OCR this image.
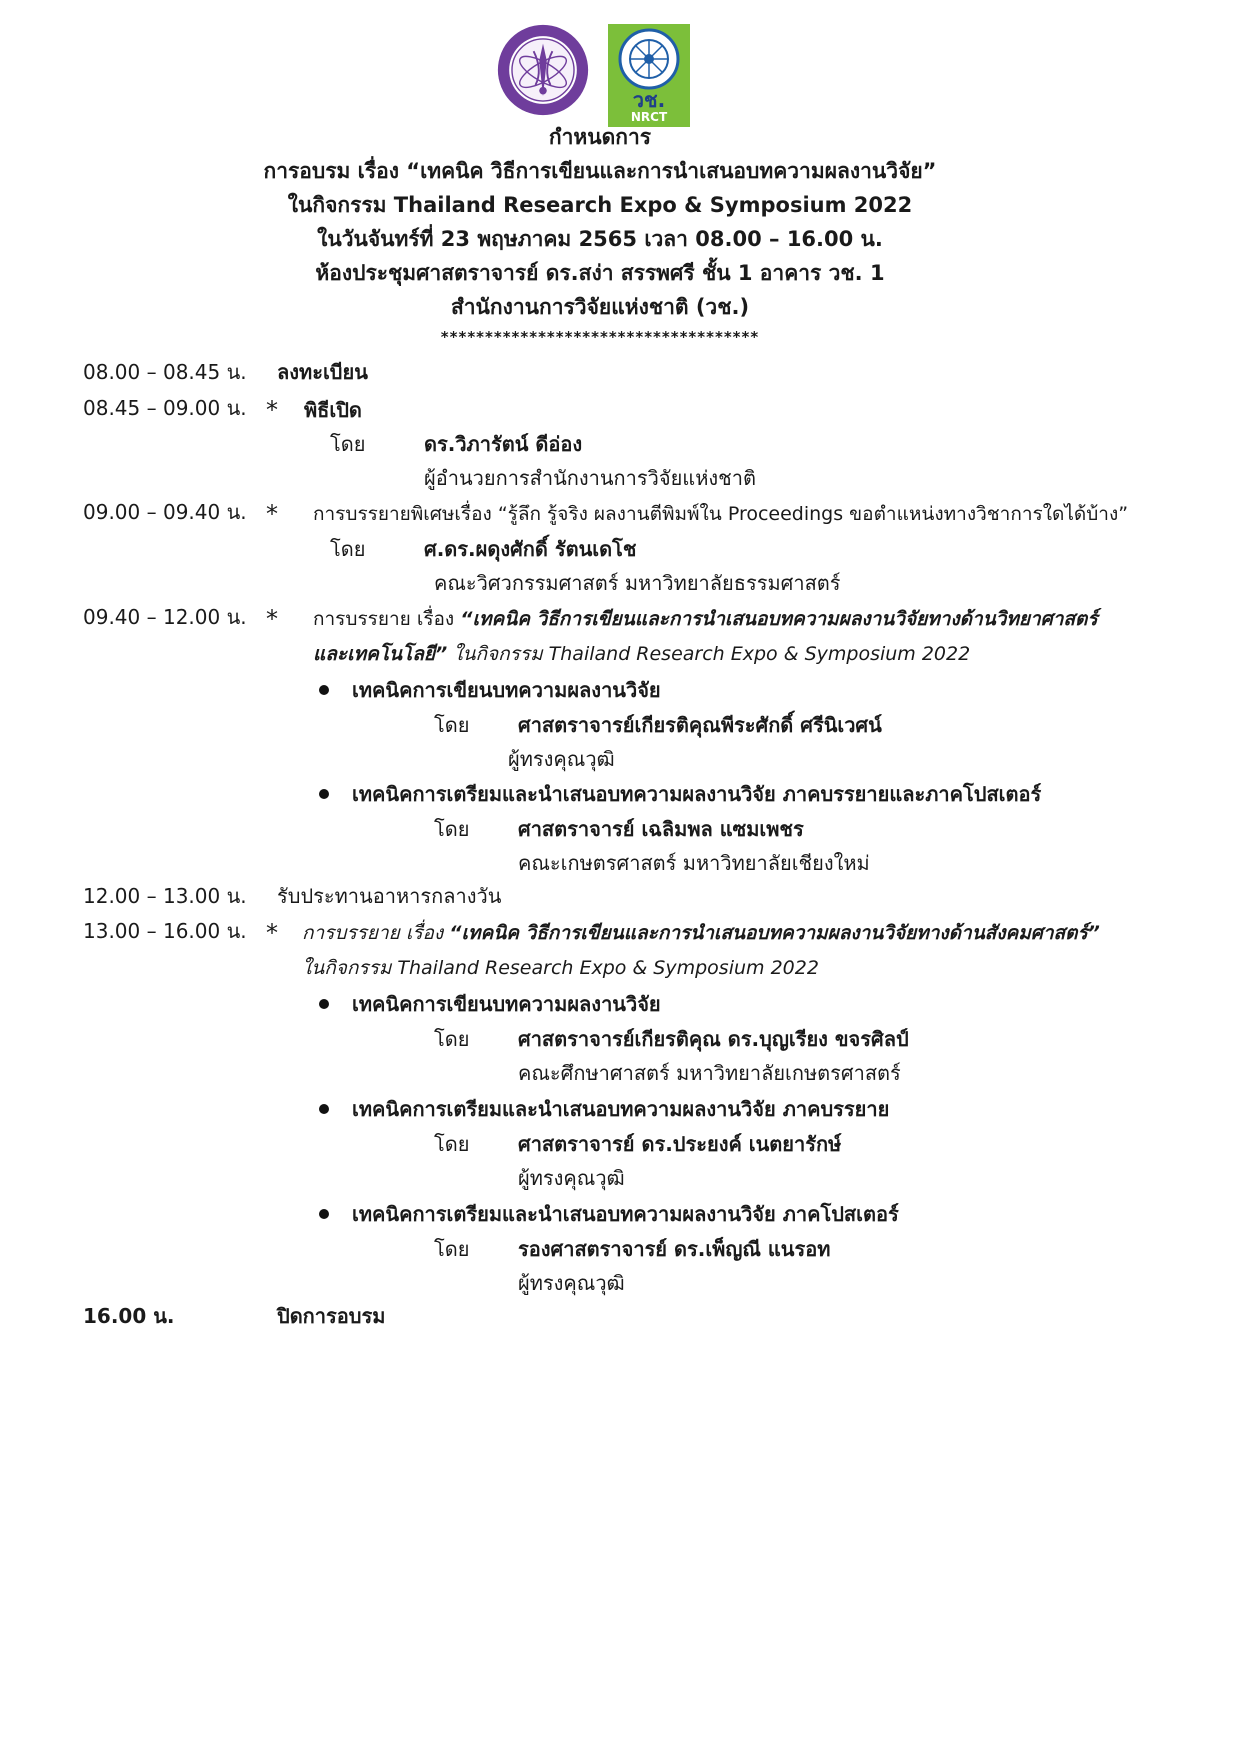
วช.
NRCT
กำหนดการ
การอบรม เรื่อง “เทคนิค วิธีการเขียนและการนำเสนอบทความผลงานวิจัย”
ในกิจกรรม Thailand Research Expo & Symposium 2022
ในวันจันทร์ที่ 23 พฤษภาคม 2565 เวลา 08.00 – 16.00 น.
ห้องประชุมศาสตราจารย์ ดร.สง่า สรรพศรี ชั้น 1 อาคาร วช. 1
สำนักงานการวิจัยแห่งชาติ (วช.)
************************************
08.00 – 08.45 น. ลงทะเบียน
08.45 – 09.00 น. * พิธีเปิด
โดย	ดร.วิภารัตน์ ดีอ่อง
ผู้อำนวยการสำนักงานการวิจัยแห่งชาติ
09.00 – 09.40 น. * การบรรยายพิเศษเรื่อง “รู้ลึก รู้จริง ผลงานตีพิมพ์ใน Proceedings ขอตำแหน่งทางวิชาการใดได้บ้าง”
โดย	ศ.ดร.ผดุงศักดิ์ รัตนเดโช
คณะวิศวกรรมศาสตร์ มหาวิทยาลัยธรรมศาสตร์
09.40 – 12.00 น. * การบรรยาย เรื่อง “เทคนิค วิธีการเขียนและการนำเสนอบทความผลงานวิจัยทางด้านวิทยาศาสตร์
และเทคโนโลยี” ในกิจกรรม Thailand Research Expo & Symposium 2022
เทคนิคการเขียนบทความผลงานวิจัย
โดย ศาสตราจารย์เกียรติคุณพีระศักดิ์ ศรีนิเวศน์
ผู้ทรงคุณวุฒิ
เทคนิคการเตรียมและนำเสนอบทความผลงานวิจัย ภาคบรรยายและภาคโปสเตอร์
โดย ศาสตราจารย์ เฉลิมพล แซมเพชร
คณะเกษตรศาสตร์ มหาวิทยาลัยเชียงใหม่
12.00 – 13.00 น. รับประทานอาหารกลางวัน
13.00 – 16.00 น. * การบรรยาย เรื่อง “เทคนิค วิธีการเขียนและการนำเสนอบทความผลงานวิจัยทางด้านสังคมศาสตร์”
ในกิจกรรม Thailand Research Expo & Symposium 2022
เทคนิคการเขียนบทความผลงานวิจัย
โดย ศาสตราจารย์เกียรติคุณ ดร.บุญเรียง ขจรศิลป์
คณะศึกษาศาสตร์ มหาวิทยาลัยเกษตรศาสตร์
เทคนิคการเตรียมและนำเสนอบทความผลงานวิจัย ภาคบรรยาย
โดย ศาสตราจารย์ ดร.ประยงค์ เนตยารักษ์
ผู้ทรงคุณวุฒิ
เทคนิคการเตรียมและนำเสนอบทความผลงานวิจัย ภาคโปสเตอร์
โดย รองศาสตราจารย์ ดร.เพ็ญณี แนรอท
ผู้ทรงคุณวุฒิ
16.00 น.	ปิดการอบรม
